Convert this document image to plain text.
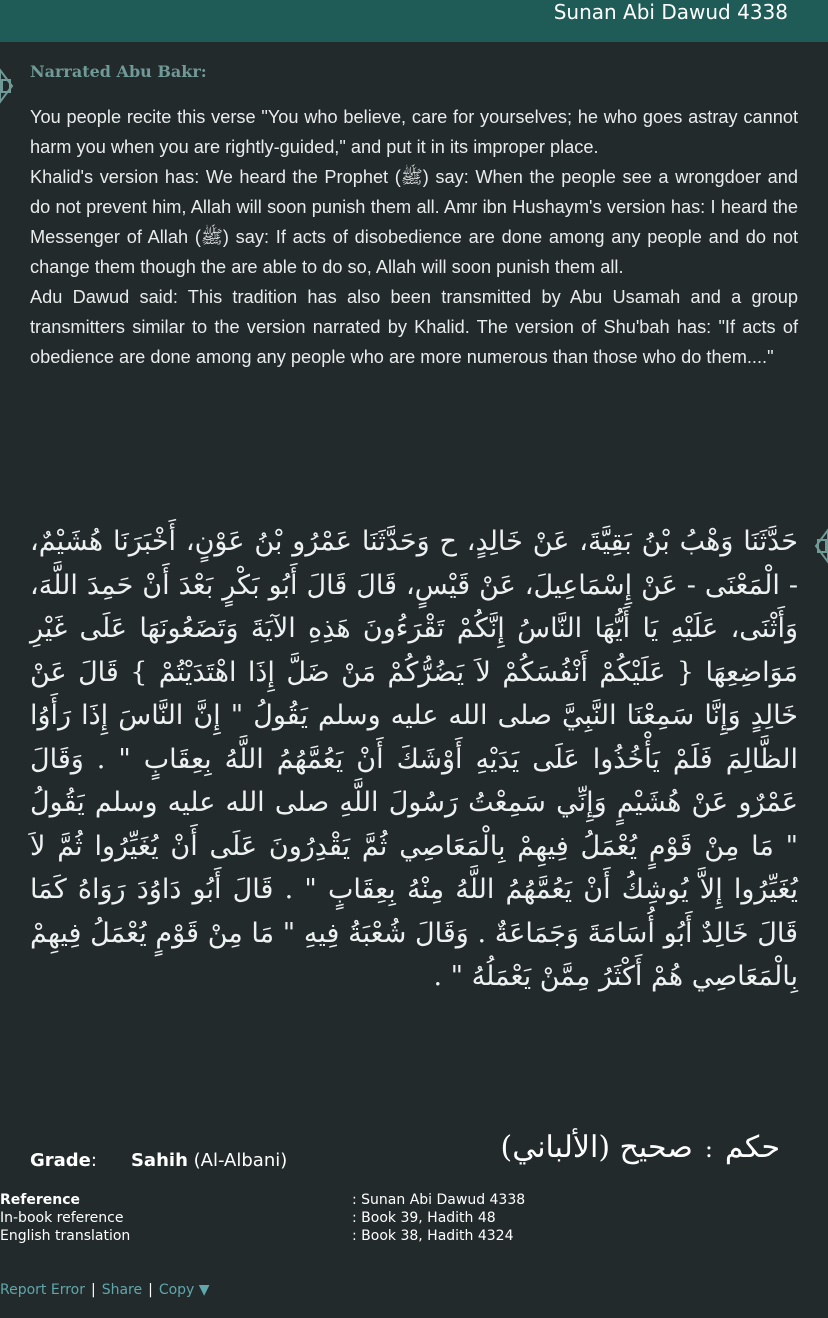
Sunan Abi Dawud 4338
Narrated Abu Bakr:

You people recite this verse "You who believe, care for yourselves; he who goes astray cannot harm you when you are rightly-guided," and put it in its improper place.

Khalid's version has: We heard the Prophet (ﷺ) say: When the people see a wrongdoer and do not prevent him, Allah will soon punish them all. Amr ibn Hushaym's version has: I heard the Messenger of Allah (ﷺ) say: If acts of disobedience are done among any people and do not change them though the are able to do so, Allah will soon punish them all.

Adu Dawud said: This tradition has also been transmitted by Abu Usamah and a group transmitters similar to the version narrated by Khalid. The version of Shu'bah has: "If acts of obedience are done among any people who are more numerous than those who do them...."

حَدَّثَنَا وَهْبُ بْنُ بَقِيَّةَ، عَنْ خَالِدٍ، ح وَحَدَّثَنَا عَمْرُو بْنُ عَوْنٍ، أَخْبَرَنَا هُشَيْمٌ، - الْمَعْنَى - عَنْ إِسْمَاعِيلَ، عَنْ قَيْسٍ، قَالَ قَالَ أَبُو بَكْرٍ بَعْدَ أَنْ حَمِدَ اللَّهَ، وَأَثْنَى، عَلَيْهِ يَا أَيُّهَا النَّاسُ إِنَّكُمْ تَقْرَءُونَ هَذِهِ الآيَةَ وَتَضَعُونَهَا عَلَى غَيْرِ مَوَاضِعِهَا { عَلَيْكُمْ أَنْفُسَكُمْ لاَ يَضُرُّكُمْ مَنْ ضَلَّ إِذَا اهْتَدَيْتُمْ } قَالَ عَنْ خَالِدٍ وَإِنَّا سَمِعْنَا النَّبِيَّ صلى الله عليه وسلم يَقُولُ " إِنَّ النَّاسَ إِذَا رَأَوُا الظَّالِمَ فَلَمْ يَأْخُذُوا عَلَى يَدَيْهِ أَوْشَكَ أَنْ يَعُمَّهُمُ اللَّهُ بِعِقَابٍ " . وَقَالَ عَمْرٌو عَنْ هُشَيْمٍ وَإِنِّي سَمِعْتُ رَسُولَ اللَّهِ صلى الله عليه وسلم يَقُولُ " مَا مِنْ قَوْمٍ يُعْمَلُ فِيهِمْ بِالْمَعَاصِي ثُمَّ يَقْدِرُونَ عَلَى أَنْ يُغَيِّرُوا ثُمَّ لاَ يُغَيِّرُوا إِلاَّ يُوشِكُ أَنْ يَعُمَّهُمُ اللَّهُ مِنْهُ بِعِقَابٍ " . قَالَ أَبُو دَاوُدَ رَوَاهُ كَمَا قَالَ خَالِدٌ أَبُو أُسَامَةَ وَجَمَاعَةٌ . وَقَالَ شُعْبَةُ فِيهِ " مَا مِنْ قَوْمٍ يُعْمَلُ فِيهِمْ بِالْمَعَاصِي هُمْ أَكْثَرُ مِمَّنْ يَعْمَلُهُ " .
Grade: Sahih (Al-Albani)	حكم:صحيح (الألباني)
Reference	: Sunan Abi Dawud 4338
In-book reference	: Book 39, Hadith 48
English translation	: Book 38, Hadith 4324
Report Error | Share | Copy ▼
